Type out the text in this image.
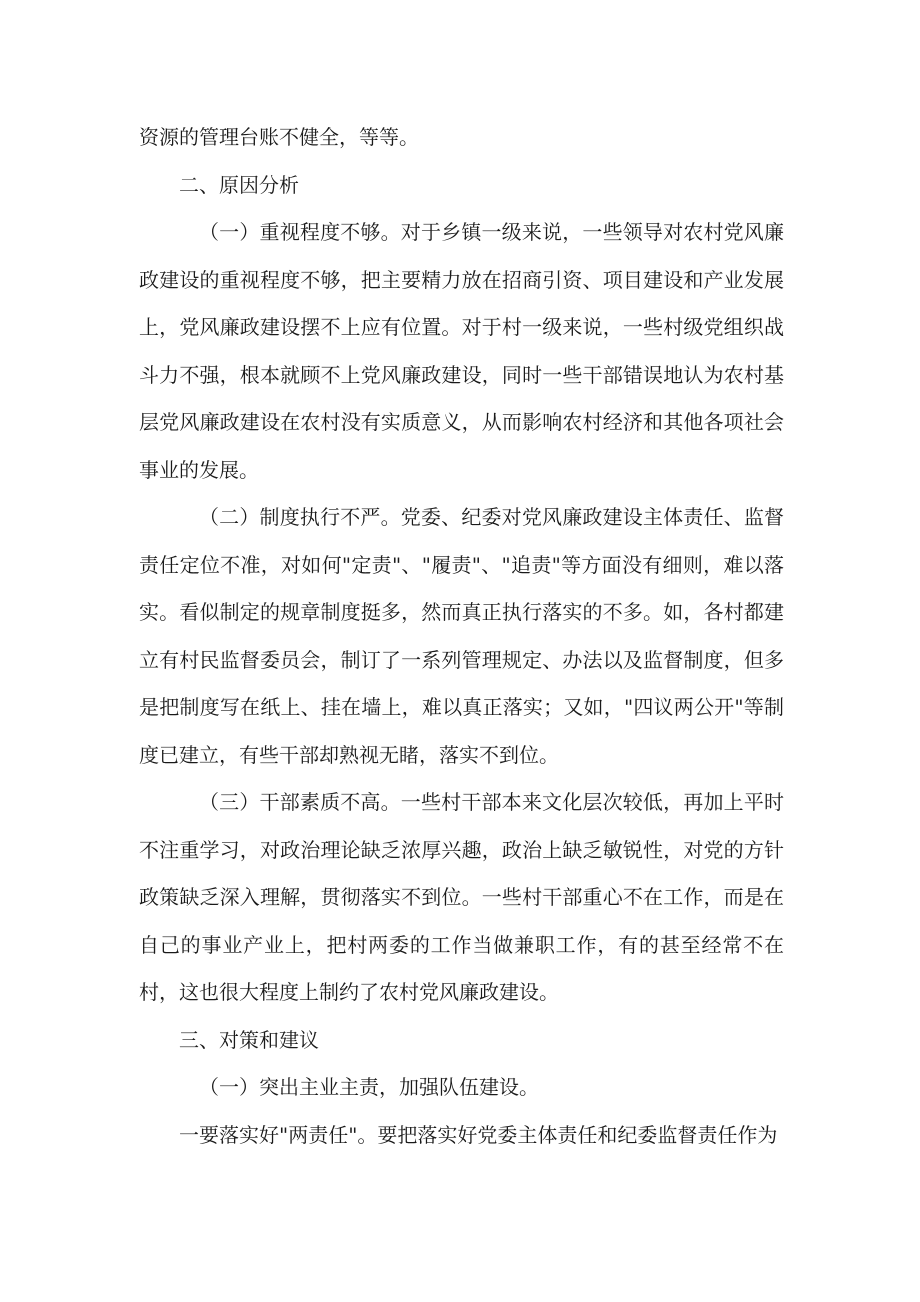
资源的管理台账不健全，等等。

二、原因分析

（一）重视程度不够。对于乡镇一级来说，一些领导对农村党风廉政建设的重视程度不够，把主要精力放在招商引资、项目建设和产业发展上，党风廉政建设摆不上应有位置。对于村一级来说，一些村级党组织战斗力不强，根本就顾不上党风廉政建设，同时一些干部错误地认为农村基层党风廉政建设在农村没有实质意义，从而影响农村经济和其他各项社会事业的发展。

（二）制度执行不严。党委、纪委对党风廉政建设主体责任、监督责任定位不准，对如何"定责"、"履责"、"追责"等方面没有细则，难以落实。看似制定的规章制度挺多，然而真正执行落实的不多。如，各村都建立有村民监督委员会，制订了一系列管理规定、办法以及监督制度，但多是把制度写在纸上、挂在墙上，难以真正落实；又如，"四议两公开"等制度已建立，有些干部却熟视无睹，落实不到位。

（三）干部素质不高。一些村干部本来文化层次较低，再加上平时不注重学习，对政治理论缺乏浓厚兴趣，政治上缺乏敏锐性，对党的方针政策缺乏深入理解，贯彻落实不到位。一些村干部重心不在工作，而是在自己的事业产业上，把村两委的工作当做兼职工作，有的甚至经常不在村，这也很大程度上制约了农村党风廉政建设。

三、对策和建议

（一）突出主业主责，加强队伍建设。

一要落实好"两责任"。要把落实好党委主体责任和纪委监督责任作为
